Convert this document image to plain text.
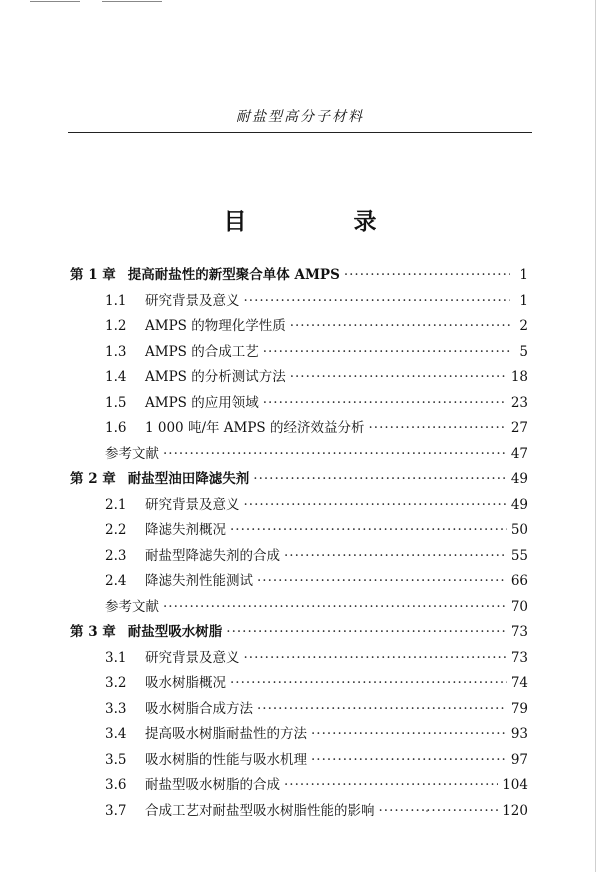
耐盐型高分子材料
目　录
第 1 章 提高耐盐性的新型聚合单体 AMPS ·····	1
1.1	研究背景及意义 ·····	1
1.2	AMPS 的物理化学性质 ·····	2
1.3	AMPS 的合成工艺 ·····	5
1.4	AMPS 的分析测试方法 ·····	18
1.5	AMPS 的应用领域 ·····	23
1.6	1 000 吨/年 AMPS 的经济效益分析 ·····	27
参考文献 ·····	47
第 2 章 耐盐型油田降滤失剂 ·····	49
2.1	研究背景及意义 ·····	49
2.2	降滤失剂概况 ·····	50
2.3	耐盐型降滤失剂的合成 ·····	55
2.4	降滤失剂性能测试 ·····	66
参考文献 ·····	70
第 3 章 耐盐型吸水树脂 ·····	73
3.1	研究背景及意义 ·····	73
3.2	吸水树脂概况 ·····	74
3.3	吸水树脂合成方法 ·····	79
3.4	提高吸水树脂耐盐性的方法 ·····	93
3.5	吸水树脂的性能与吸水机理 ·····	97
3.6	耐盐型吸水树脂的合成 ·····	104
3.7	合成工艺对耐盐型吸水树脂性能的影响 ·····	120
